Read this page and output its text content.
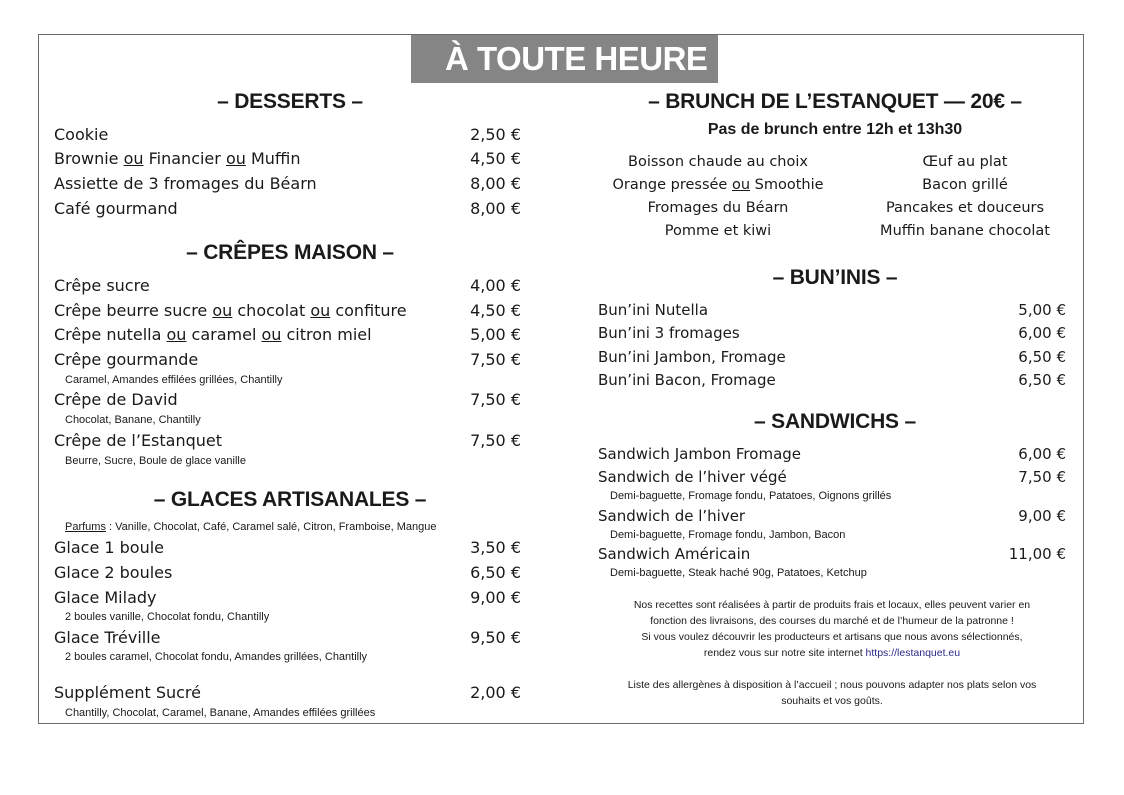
À TOUTE HEURE
– DESSERTS –
Cookie	2,50 €
Brownie ou Financier ou Muffin	4,50 €
Assiette de 3 fromages du Béarn	8,00 €
Café gourmand	8,00 €
– CRÊPES MAISON –
Crêpe sucre	4,00 €
Crêpe beurre sucre ou chocolat ou confiture	4,50 €
Crêpe nutella ou caramel ou citron miel	5,00 €
Crêpe gourmande	7,50 €
Caramel, Amandes effilées grillées, Chantilly
Crêpe de David	7,50 €
Chocolat, Banane, Chantilly
Crêpe de l’Estanquet	7,50 €
Beurre, Sucre, Boule de glace vanille
– GLACES ARTISANALES –
Parfums : Vanille, Chocolat, Café, Caramel salé, Citron, Framboise, Mangue
Glace 1 boule	3,50 €
Glace 2 boules	6,50 €
Glace Milady	9,00 €
2 boules vanille, Chocolat fondu, Chantilly
Glace Tréville	9,50 €
2 boules caramel, Chocolat fondu, Amandes grillées, Chantilly
Supplément Sucré	2,00 €
Chantilly, Chocolat, Caramel, Banane, Amandes effilées grillées
– BRUNCH DE L’ESTANQUET — 20€ –
Pas de brunch entre 12h et 13h30
Boisson chaude au choix
Orange pressée ou Smoothie
Fromages du Béarn
Pomme et kiwi
Œuf au plat
Bacon grillé
Pancakes et douceurs
Muffin banane chocolat
– BUN’INIS –
Bun’ini Nutella	5,00 €
Bun’ini 3 fromages	6,00 €
Bun’ini Jambon, Fromage	6,50 €
Bun’ini Bacon, Fromage	6,50 €
– SANDWICHS –
Sandwich Jambon Fromage	6,00 €
Sandwich de l’hiver végé	7,50 €
Demi-baguette, Fromage fondu, Patatoes, Oignons grillés
Sandwich de l’hiver	9,00 €
Demi-baguette, Fromage fondu, Jambon, Bacon
Sandwich Américain	11,00 €
Demi-baguette, Steak haché 90g, Patatoes, Ketchup
Nos recettes sont réalisées à partir de produits frais et locaux, elles peuvent varier en
fonction des livraisons, des courses du marché et de l’humeur de la patronne !
Si vous voulez découvrir les producteurs et artisans que nous avons sélectionnés,
rendez vous sur notre site internet https://lestanquet.eu
Liste des allergènes à disposition à l’accueil ; nous pouvons adapter nos plats selon vos
souhaits et vos goûts.
